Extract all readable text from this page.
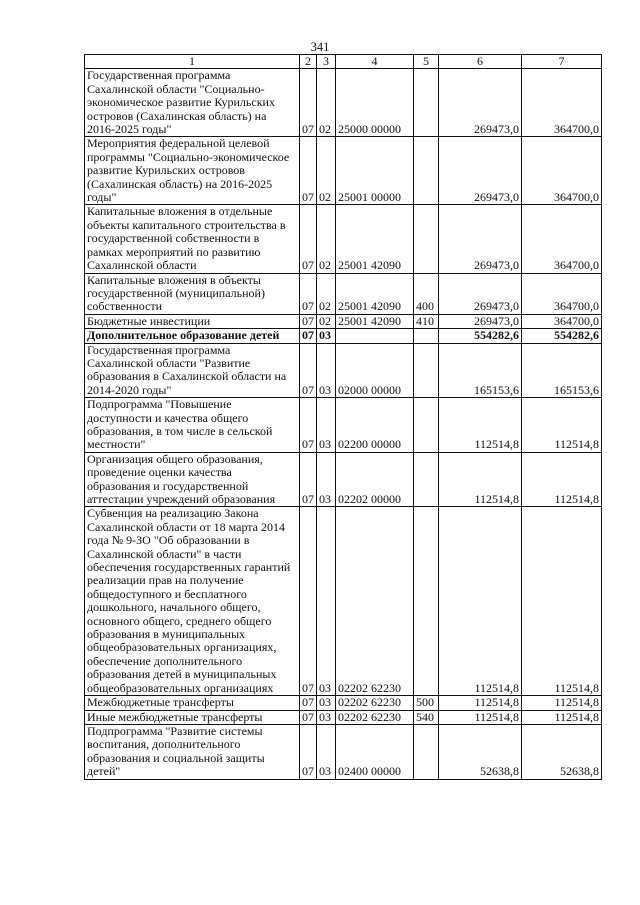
341
1	2	3	4	5	6	7
Государственная программа Сахалинской области "Социально-экономическое развитие Курильских островов (Сахалинская область) на 2016-2025 годы"	07	02	25000 00000		269473,0	364700,0
Мероприятия федеральной целевой программы "Социально-экономическое развитие Курильских островов (Сахалинская область) на 2016-2025 годы"	07	02	25001 00000		269473,0	364700,0
Капитальные вложения в отдельные объекты капитального строительства в государственной собственности в рамках мероприятий по развитию Сахалинской области	07	02	25001 42090		269473,0	364700,0
Капитальные вложения в объекты государственной (муниципальной) собственности	07	02	25001 42090	400	269473,0	364700,0
Бюджетные инвестиции	07	02	25001 42090	410	269473,0	364700,0
Дополнительное образование детей	07	03			554282,6	554282,6
Государственная программа Сахалинской области "Развитие образования в Сахалинской области на 2014-2020 годы"	07	03	02000 00000		165153,6	165153,6
Подпрограмма "Повышение доступности и качества общего образования, в том числе в сельской местности"	07	03	02200 00000		112514,8	112514,8
Организация общего образования, проведение оценки качества образования и государственной аттестации учреждений образования	07	03	02202 00000		112514,8	112514,8
Субвенция на реализацию Закона Сахалинской области от 18 марта 2014 года № 9-ЗО "Об образовании в Сахалинской области" в части обеспечения государственных гарантий реализации прав на получение общедоступного и бесплатного дошкольного, начального общего, основного общего, среднего общего образования в муниципальных общеобразовательных организациях, обеспечение дополнительного образования детей в муниципальных общеобразовательных организациях	07	03	02202 62230		112514,8	112514,8
Межбюджетные трансферты	07	03	02202 62230	500	112514,8	112514,8
Иные межбюджетные трансферты	07	03	02202 62230	540	112514,8	112514,8
Подпрограмма "Развитие системы воспитания, дополнительного образования и социальной защиты детей"	07	03	02400 00000		52638,8	52638,8
